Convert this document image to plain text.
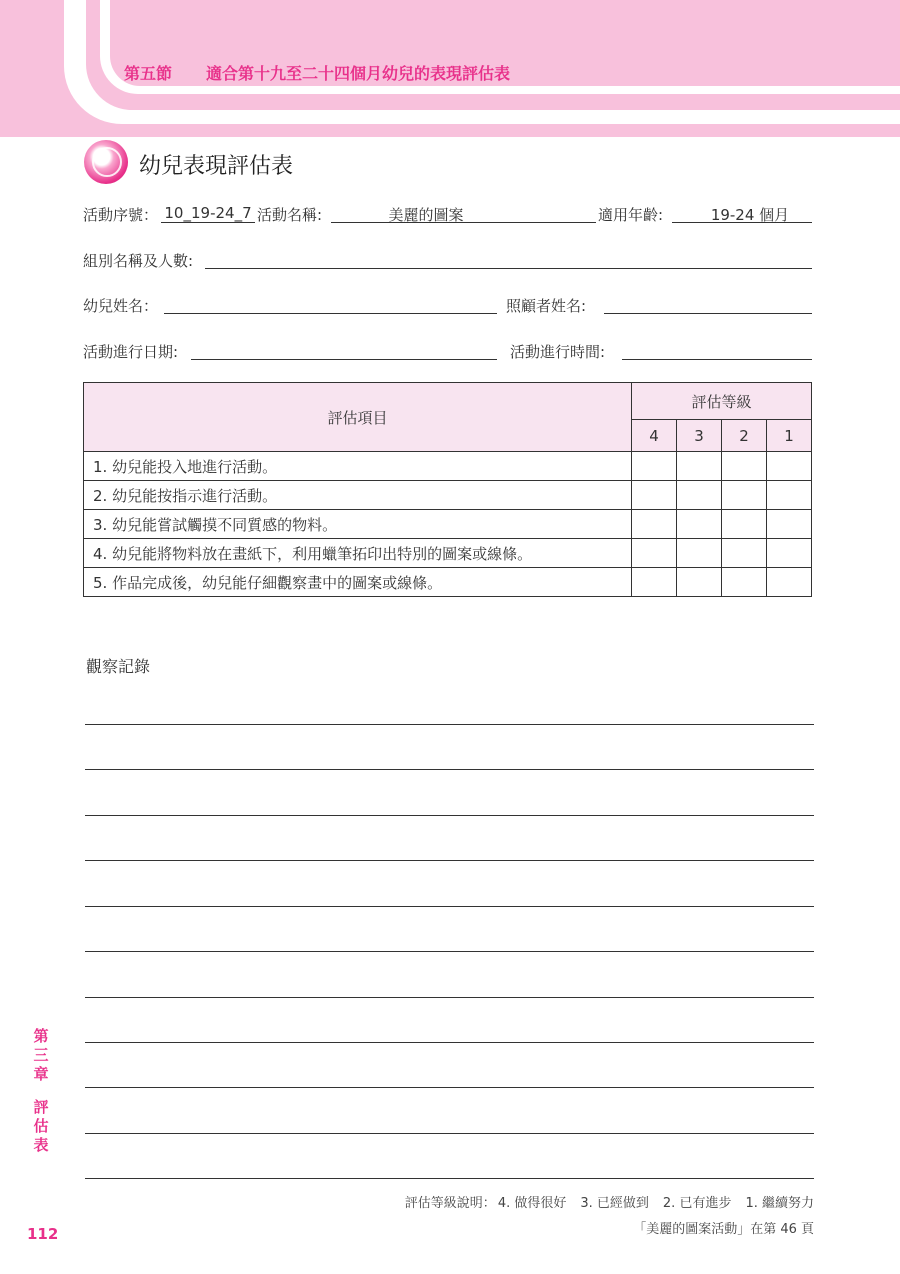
第五節 適合第十九至二十四個月幼兒的表現評估表
幼兒表現評估表
活動序號： 10_19-24_7 活動名稱:	美麗的圖案	適用年齡:	19-24 個月
組別名稱及人數:
幼兒姓名：	照顧者姓名:
活動進行日期:	活動進行時間:
評估項目	評估等級			
	4	3	2	1
1. 幼兒能投入地進行活動。				
2. 幼兒能按指示進行活動。				
3. 幼兒能嘗試觸摸不同質感的物料。				
4. 幼兒能將物料放在畫紙下，利用蠟筆拓印出特別的圖案或線條。				
5. 作品完成後，幼兒能仔細觀察畫中的圖案或線條。				
觀察記錄
第三章
評估表
112
評估等級說明： 4. 做得很好 3. 已經做到 2. 已有進步 1. 繼續努力
「美麗的圖案活動」在第 46 頁
